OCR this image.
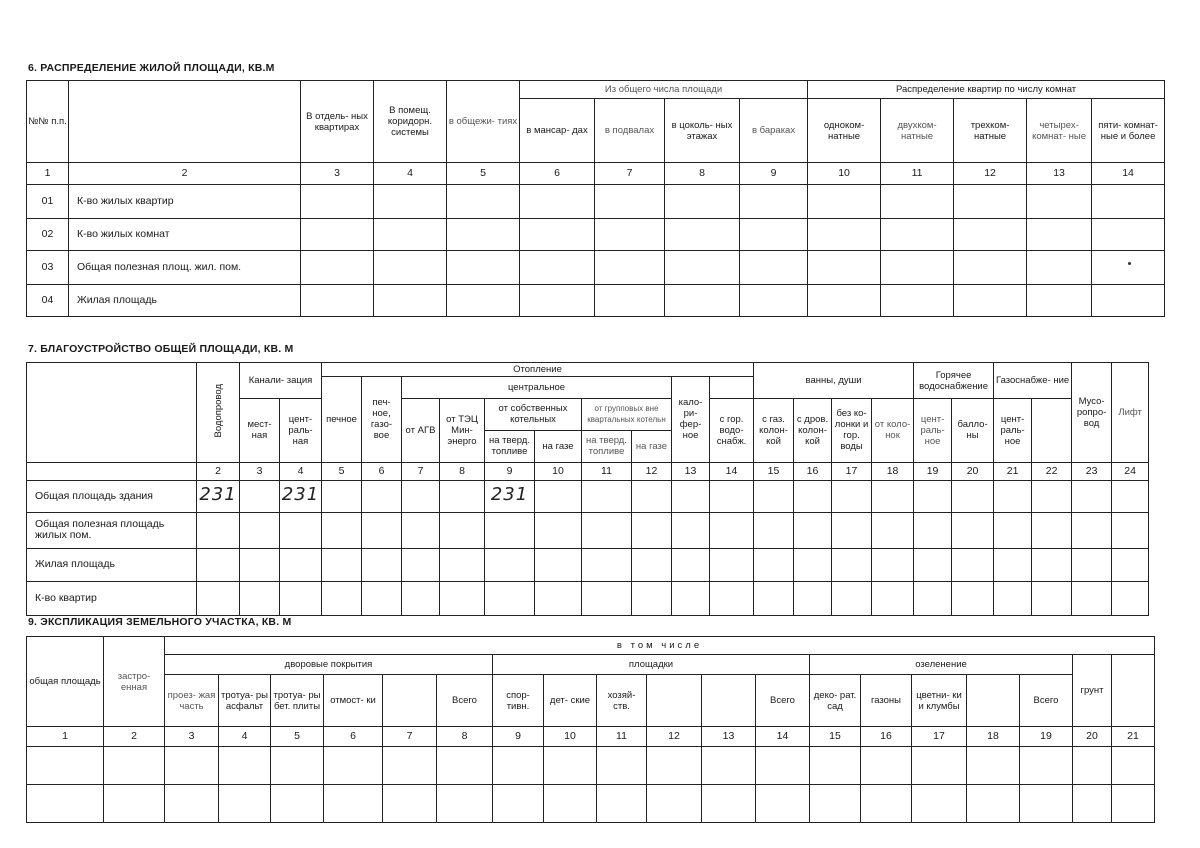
6. РАСПРЕДЕЛЕНИЕ ЖИЛОЙ ПЛОЩАДИ, КВ.М
№№ п.п.		В отдель- ных квартирах	В помещ. коридорн. системы	в общежи- тиях	Из общего числа площади				Распределение квартир по числу комнат				
					в мансар- дах	в подвалах	в цоколь- ных этажах	в бараках	одноком- натные	двухком- натные	трехком- натные	четырех- комнат- ные	пяти- комнат- ные и более
1	2	3	4	5	6	7	8	9	10	11	12	13	14
01	К-во жилых квартир												
02	К-во жилых комнат												
03	Общая полезная площ. жил. пом.												
04	Жилая площадь												
7. БЛАГОУСТРОЙСТВО ОБЩЕЙ ПЛОЩАДИ, КВ. М
	Водопровод	Канали- зация		Отопление										ванны, души				Горячее водоснабжение		Газоснабже- ние		Мусо- ропро- вод	Лифт	
				печное	печ- ное, газо- вое	центральное						кало- ри- фер- ное												
		мест- ная	цент- раль- ная			от АГВ	от ТЭЦ Мин- энерго	от собственных котельных		от групповых вне квартальных котельн			с гор. водо- снабж.	с газ. колон- кой	с дров. колон- кой	без ко- лонки и гор. воды	от коло- нок	цент- раль- ное	балло- ны	цент- раль- ное				
								на тверд. топливе	на газе	на тверд. топливе	на газе													
	2	3	4	5	6	7	8	9	10	11	12	13	14	15	16	17	18	19	20	21	22	23	24	
Общая площадь здания	231		231					231																
Общая полезная площадь жилых пом.																								
Жилая площадь																								
К-во квартир																								
9. ЭКСПЛИКАЦИЯ ЗЕМЕЛЬНОГО УЧАСТКА, КВ. М
общая площадь	застро- енная	в том числе																		
		дворовые покрытия						площадки						озеленение					грунт	
		проез- жая часть	тротуа- ры асфальт	тротуа- ры бет. плиты	отмост- ки		Всего	спор- тивн.	дет- ские	хозяй- ств.			Всего	деко- рат. сад	газоны	цветни- ки и клумбы		Всего		
1	2	3	4	5	6	7	8	9	10	11	12	13	14	15	16	17	18	19	20	21
